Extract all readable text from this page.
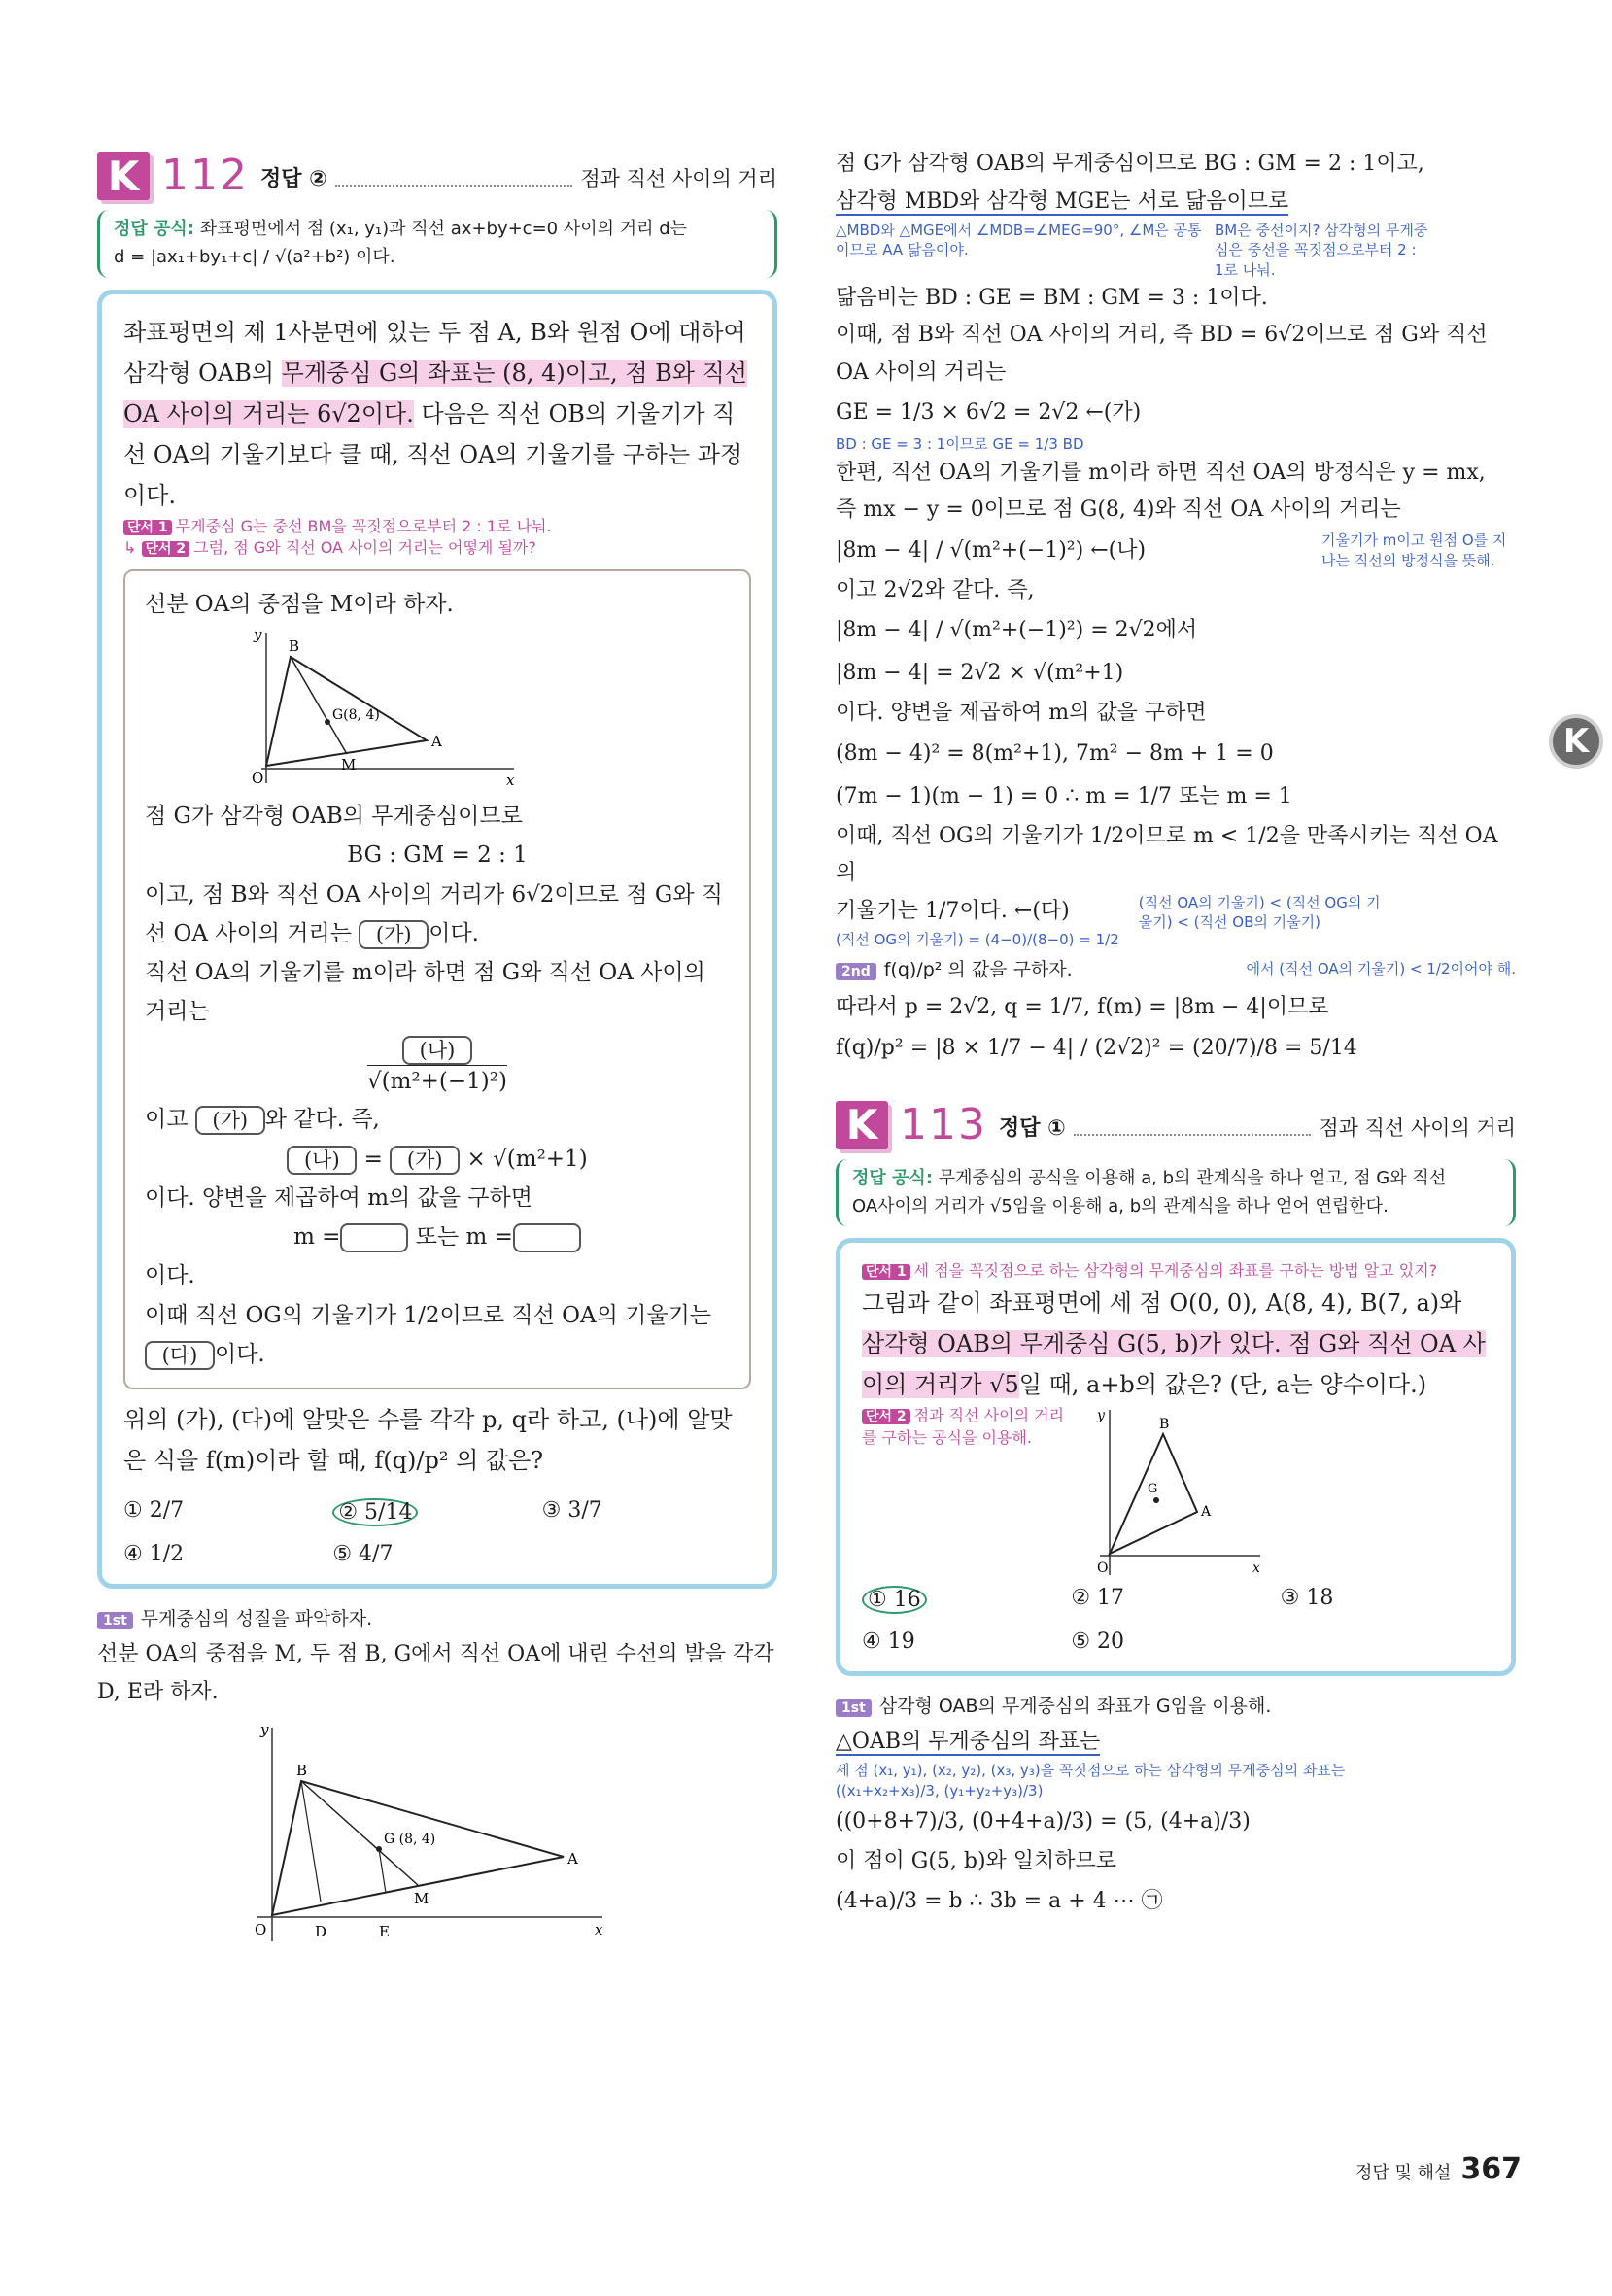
K 112 정답 ②	점과 직선 사이의 거리
정답 공식: 좌표평면에서 점 (x₁, y₁)과 직선 ax+by+c=0 사이의 거리 d는
d = |ax₁+by₁+c| / √(a²+b²) 이다.
좌표평면의 제 1사분면에 있는 두 점 A, B와 원점 O에 대하여 삼각형 OAB의 무게중심 G의 좌표는 (8, 4)이고, 점 B와 직선 OA 사이의 거리는 6√2이다. 다음은 직선 OB의 기울기가 직선 OA의 기울기보다 클 때, 직선 OA의 기울기를 구하는 과정이다.
단서 1 무게중심 G는 중선 BM을 꼭짓점으로부터 2 : 1로 나눠.
↳ 단서 2 그럼, 점 G와 직선 OA 사이의 거리는 어떻게 될까?
선분 OA의 중점을 M이라 하자.
y
x
O
B
G(8, 4)
A
M
점 G가 삼각형 OAB의 무게중심이므로
BG : GM = 2 : 1
이고, 점 B와 직선 OA 사이의 거리가 6√2이므로 점 G와 직선 OA 사이의 거리는 (가) 이다.
직선 OA의 기울기를 m이라 하면 점 G와 직선 OA 사이의 거리는
(나)
√(m²+(−1)²)
이고 (가) 와 같다. 즉,
(나) = (가) × √(m²+1)
이다. 양변을 제곱하여 m의 값을 구하면
m =	또는 m =
이다.
이때 직선 OG의 기울기가 1/2이므로 직선 OA의 기울기는 (다) 이다.
위의 (가), (다)에 알맞은 수를 각각 p, q라 하고, (나)에 알맞은 식을 f(m)이라 할 때, f(q)/p² 의 값은?
① 2/7	② 5/14	③ 3/7
④ 1/2	⑤ 4/7
1st 무게중심의 성질을 파악하자.
선분 OA의 중점을 M, 두 점 B, G에서 직선 OA에 내린 수선의 발을 각각 D, E라 하자.
y
x
O
B
G (8, 4)
A
M
D	E
점 G가 삼각형 OAB의 무게중심이므로 BG : GM = 2 : 1이고,
삼각형 MBD와 삼각형 MGE는 서로 닮음이므로
△MBD와 △MGE에서 ∠MDB=∠MEG=90°, ∠M은 공통이므로 AA 닮음이야.
BM은 중선이지? 삼각형의 무게중심은 중선을 꼭짓점으로부터 2 : 1로 나눠.
닮음비는 BD : GE = BM : GM = 3 : 1이다.
이때, 점 B와 직선 OA 사이의 거리, 즉 BD = 6√2이므로 점 G와 직선 OA 사이의 거리는
GE = 1/3 × 6√2 = 2√2 ←(가)
BD : GE = 3 : 1이므로 GE = 1/3 BD
한편, 직선 OA의 기울기를 m이라 하면 직선 OA의 방정식은 y = mx,
즉 mx − y = 0이므로 점 G(8, 4)와 직선 OA 사이의 거리는
|8m − 4| / √(m²+(−1)²) ←(나)	기울기가 m이고 원점 O를 지나는 직선의 방정식을 뜻해.
이고 2√2와 같다. 즉,
|8m − 4| / √(m²+(−1)²) = 2√2에서
|8m − 4| = 2√2 × √(m²+1)
이다. 양변을 제곱하여 m의 값을 구하면
(8m − 4)² = 8(m²+1), 7m² − 8m + 1 = 0
(7m − 1)(m − 1) = 0 ∴ m = 1/7 또는 m = 1
이때, 직선 OG의 기울기가 1/2이므로 m < 1/2을 만족시키는 직선 OA의
기울기는 1/7이다. ←(다)
(직선 OG의 기울기) = (4−0)/(8−0) = 1/2
(직선 OA의 기울기) < (직선 OG의 기울기) < (직선 OB의 기울기)
2nd f(q)/p² 의 값을 구하자.	에서 (직선 OA의 기울기) < 1/2이어야 해.
따라서 p = 2√2, q = 1/7, f(m) = |8m − 4|이므로
f(q)/p² = |8 × 1/7 − 4| / (2√2)² = (20/7)/8 = 5/14
K 113 정답 ①	점과 직선 사이의 거리
정답 공식: 무게중심의 공식을 이용해 a, b의 관계식을 하나 얻고, 점 G와 직선
OA사이의 거리가 √5임을 이용해 a, b의 관계식을 하나 얻어 연립한다.
단서 1 세 점을 꼭짓점으로 하는 삼각형의 무게중심의 좌표를 구하는 방법 알고 있지?
그림과 같이 좌표평면에 세 점 O(0, 0), A(8, 4), B(7, a)와 삼각형 OAB의 무게중심 G(5, b)가 있다. 점 G와 직선 OA 사이의 거리가 √5일 때, a+b의 값은? (단, a는 양수이다.)
단서 2 점과 직선 사이의 거리를 구하는 공식을 이용해.
y
x
O
B
G
A
① 16	② 17	③ 18
④ 19	⑤ 20
1st 삼각형 OAB의 무게중심의 좌표가 G임을 이용해.
△OAB의 무게중심의 좌표는
세 점 (x₁, y₁), (x₂, y₂), (x₃, y₃)을 꼭짓점으로 하는 삼각형의 무게중심의 좌표는
((x₁+x₂+x₃)/3, (y₁+y₂+y₃)/3)
((0+8+7)/3, (0+4+a)/3) = (5, (4+a)/3)
이 점이 G(5, b)와 일치하므로
(4+a)/3 = b ∴ 3b = a + 4 ⋯ ㉠
K
정답 및 해설 367
